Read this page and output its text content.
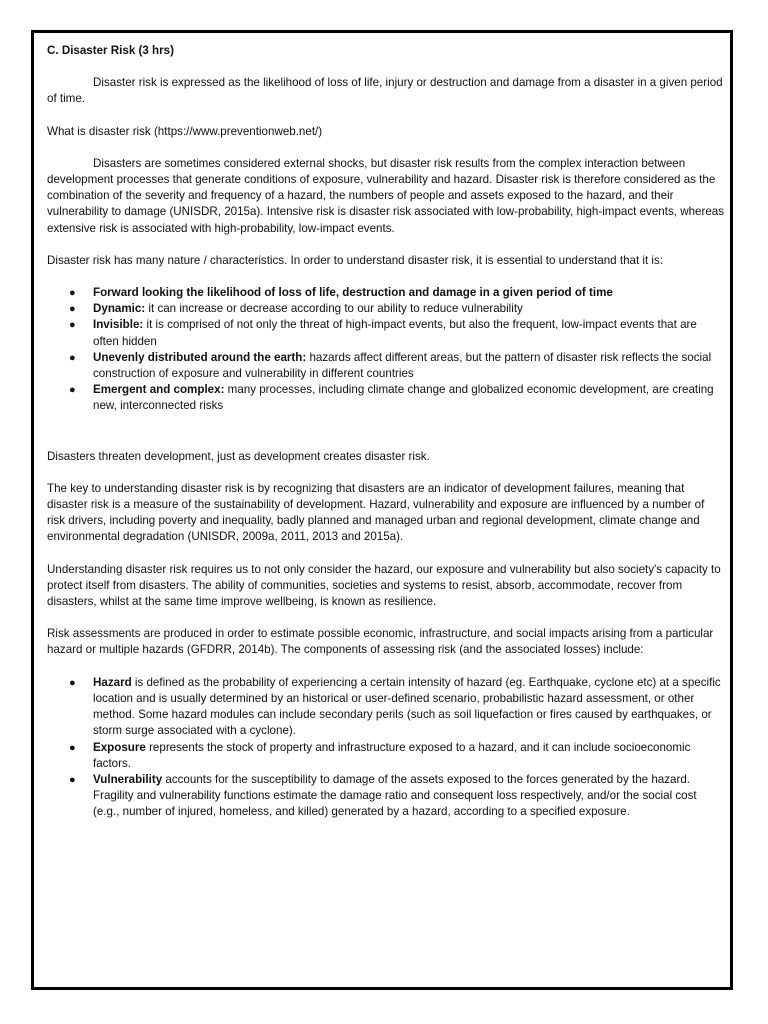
C. Disaster Risk (3 hrs)

Disaster risk is expressed as the likelihood of loss of life, injury or destruction and damage from a disaster in a given period of time.

What is disaster risk (https://www.preventionweb.net/)

Disasters are sometimes considered external shocks, but disaster risk results from the complex interaction between development processes that generate conditions of exposure, vulnerability and hazard. Disaster risk is therefore considered as the combination of the severity and frequency of a hazard, the numbers of people and assets exposed to the hazard, and their vulnerability to damage (UNISDR, 2015a). Intensive risk is disaster risk associated with low-probability, high-impact events, whereas extensive risk is associated with high-probability, low-impact events.

Disaster risk has many nature / characteristics. In order to understand disaster risk, it is essential to understand that it is:

● Forward looking the likelihood of loss of life, destruction and damage in a given period of time
● Dynamic: it can increase or decrease according to our ability to reduce vulnerability
● Invisible: it is comprised of not only the threat of high-impact events, but also the frequent, low-impact events that are often hidden
● Unevenly distributed around the earth: hazards affect different areas, but the pattern of disaster risk reflects the social construction of exposure and vulnerability in different countries
● Emergent and complex: many processes, including climate change and globalized economic development, are creating new, interconnected risks

Disasters threaten development, just as development creates disaster risk.

The key to understanding disaster risk is by recognizing that disasters are an indicator of development failures, meaning that disaster risk is a measure of the sustainability of development. Hazard, vulnerability and exposure are influenced by a number of risk drivers, including poverty and inequality, badly planned and managed urban and regional development, climate change and environmental degradation (UNISDR, 2009a, 2011, 2013 and 2015a).

Understanding disaster risk requires us to not only consider the hazard, our exposure and vulnerability but also society's capacity to protect itself from disasters. The ability of communities, societies and systems to resist, absorb, accommodate, recover from disasters, whilst at the same time improve wellbeing, is known as resilience.

Risk assessments are produced in order to estimate possible economic, infrastructure, and social impacts arising from a particular hazard or multiple hazards (GFDRR, 2014b). The components of assessing risk (and the associated losses) include:

● Hazard is defined as the probability of experiencing a certain intensity of hazard (eg. Earthquake, cyclone etc) at a specific location and is usually determined by an historical or user-defined scenario, probabilistic hazard assessment, or other method. Some hazard modules can include secondary perils (such as soil liquefaction or fires caused by earthquakes, or storm surge associated with a cyclone).
● Exposure represents the stock of property and infrastructure exposed to a hazard, and it can include socioeconomic factors.
● Vulnerability accounts for the susceptibility to damage of the assets exposed to the forces generated by the hazard. Fragility and vulnerability functions estimate the damage ratio and consequent loss respectively, and/or the social cost (e.g., number of injured, homeless, and killed) generated by a hazard, according to a specified exposure.
